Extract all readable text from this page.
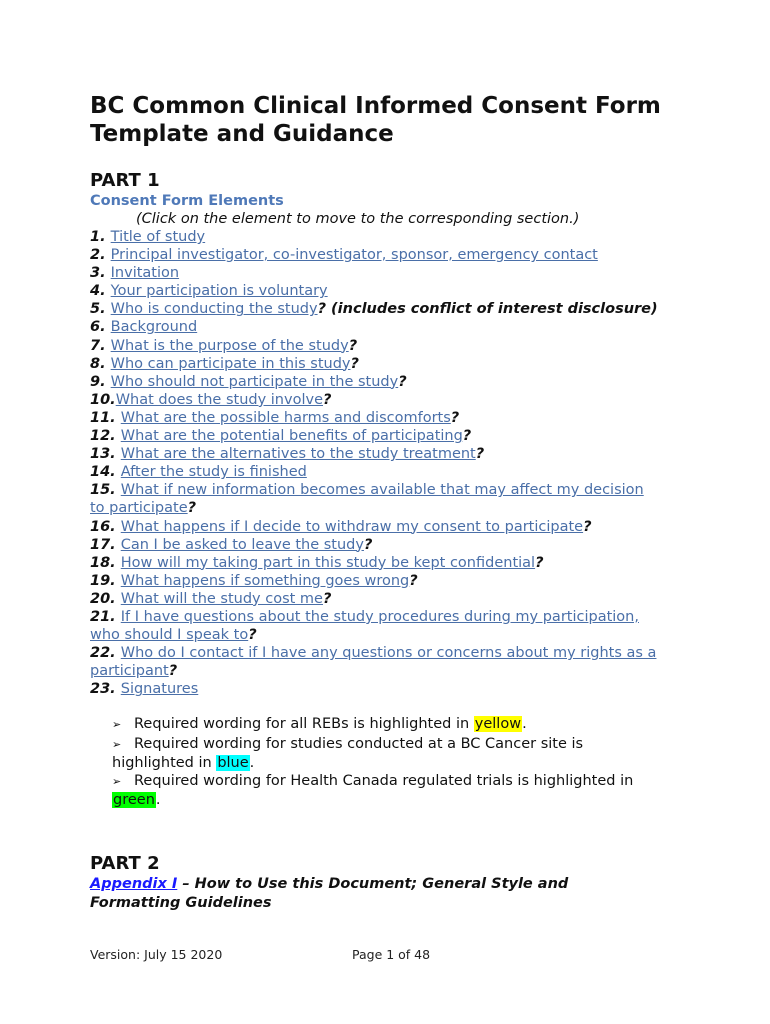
BC Common Clinical Informed Consent Form Template and Guidance
PART 1
Consent Form Elements
(Click on the element to move to the corresponding section.)
1. Title of study
2. Principal investigator, co-investigator, sponsor, emergency contact
3. Invitation
4. Your participation is voluntary
5. Who is conducting the study? (includes conflict of interest disclosure)
6. Background
7. What is the purpose of the study?
8. Who can participate in this study?
9. Who should not participate in the study?
10.What does the study involve?
11. What are the possible harms and discomforts?
12. What are the potential benefits of participating?
13. What are the alternatives to the study treatment?
14. After the study is finished
15. What if new information becomes available that may affect my decision to participate?
16. What happens if I decide to withdraw my consent to participate?
17. Can I be asked to leave the study?
18. How will my taking part in this study be kept confidential?
19. What happens if something goes wrong?
20. What will the study cost me?
21. If I have questions about the study procedures during my participation, who should I speak to?
22. Who do I contact if I have any questions or concerns about my rights as a participant?
23. Signatures
➢ Required wording for all REBs is highlighted in yellow.
➢ Required wording for studies conducted at a BC Cancer site is highlighted in blue.
➢ Required wording for Health Canada regulated trials is highlighted in green.
PART 2
Appendix I – How to Use this Document; General Style and Formatting Guidelines
Version: July 15 2020	Page 1 of 48
